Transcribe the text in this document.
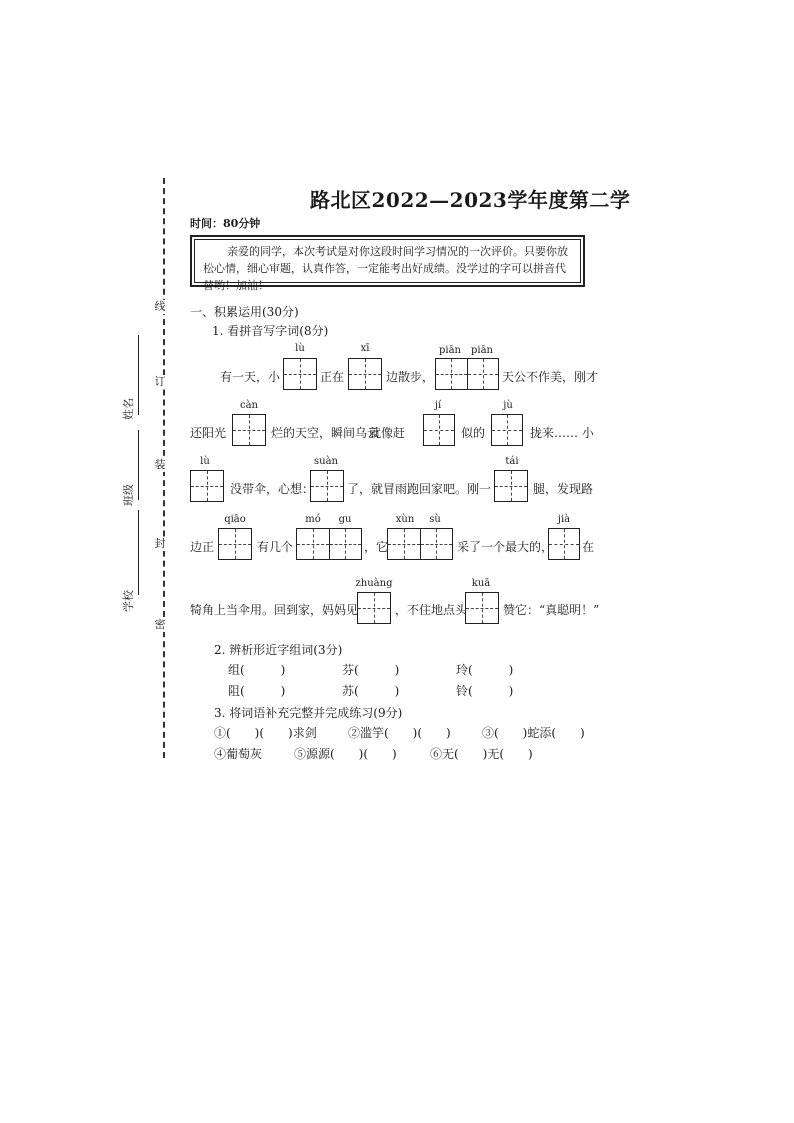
线
订
装
封
密
姓名
班级
学校
路北区2022—2023学年度第二学
时间：80分钟
亲爱的同学，本次考试是对你这段时间学习情况的一次评价。只要你放松心情，细心审题，认真作答，一定能考出好成绩。没学过的字可以拼音代替哟！加油！
一、积累运用(30分)
1. 看拼音写字词(8分)
lù	xī	piān piān
有一天，小	正在	边散步，	天公不作美，刚才
càn	jí	jù
还阳光	烂的天空，瞬间乌云
就像赶	似的	拢来…… 小
lù	suàn	tái
没带伞，心想：	了，就冒雨跑回家吧。刚一	腿，发现路
qiāo	mó	gu	xùn	sù	jià
边正	有几个	，它	采了一个最大的， 在
zhuàng	kuā
犄角上当伞用。回到家，妈妈见	，不住地点头	赞它：“真聪明！”
2. 辨析形近字组词(3分)
组(　　　)	芬(　　　)	玲(　　　)
阻(　　　)	苏(　　　)	铃(　　　)
3. 将词语补充完整并完成练习(9分)
①(　　)(　　)求剑	②滥竽(　　)(　　)	③(　　)蛇添(　　)
④葡萄灰	⑤源源(　　)(　　)	⑥无(　　)无(　　)
